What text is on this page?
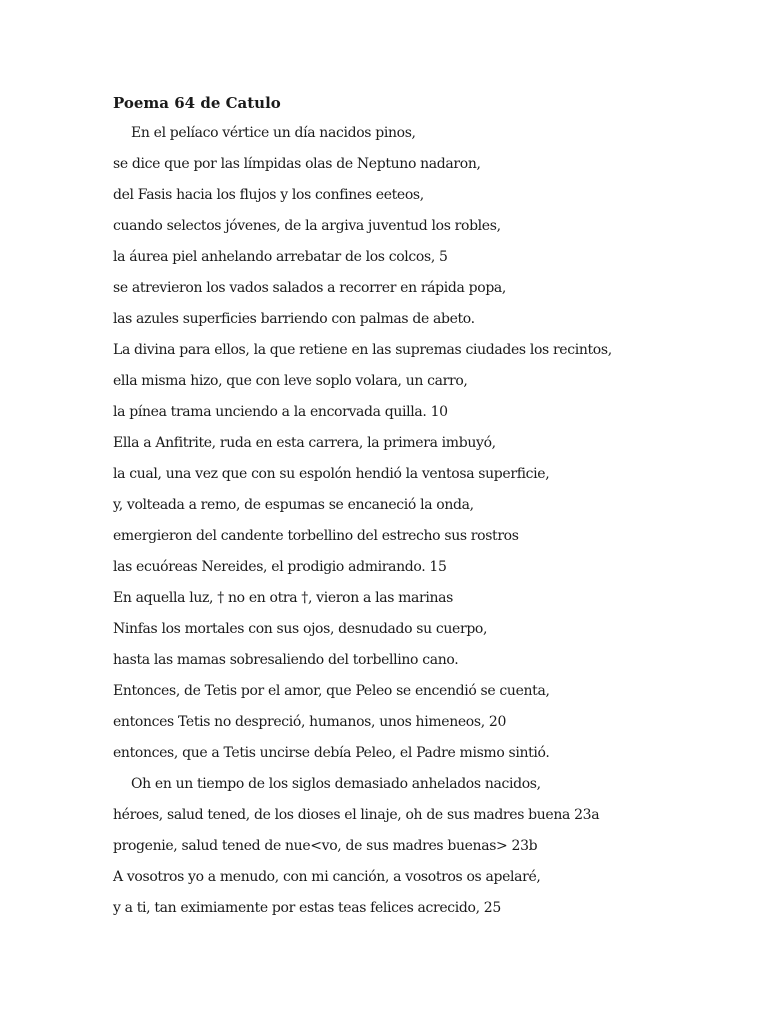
Poema 64 de Catulo
En el pelíaco vértice un día nacidos pinos,
se dice que por las límpidas olas de Neptuno nadaron,
del Fasis hacia los flujos y los confines eeteos,
cuando selectos jóvenes, de la argiva juventud los robles,
la áurea piel anhelando arrebatar de los colcos, 5
se atrevieron los vados salados a recorrer en rápida popa,
las azules superficies barriendo con palmas de abeto.
La divina para ellos, la que retiene en las supremas ciudades los recintos,
ella misma hizo, que con leve soplo volara, un carro,
la pínea trama unciendo a la encorvada quilla. 10
Ella a Anfitrite, ruda en esta carrera, la primera imbuyó,
la cual, una vez que con su espolón hendió la ventosa superficie,
y, volteada a remo, de espumas se encaneció la onda,
emergieron del candente torbellino del estrecho sus rostros
las ecuóreas Nereides, el prodigio admirando. 15
En aquella luz, † no en otra †, vieron a las marinas
Ninfas los mortales con sus ojos, desnudado su cuerpo,
hasta las mamas sobresaliendo del torbellino cano.
Entonces, de Tetis por el amor, que Peleo se encendió se cuenta,
entonces Tetis no despreció, humanos, unos himeneos, 20
entonces, que a Tetis uncirse debía Peleo, el Padre mismo sintió.
Oh en un tiempo de los siglos demasiado anhelados nacidos,
héroes, salud tened, de los dioses el linaje, oh de sus madres buena 23a
progenie, salud tened de nue<vo, de sus madres buenas> 23b
A vosotros yo a menudo, con mi canción, a vosotros os apelaré,
y a ti, tan eximiamente por estas teas felices acrecido, 25
